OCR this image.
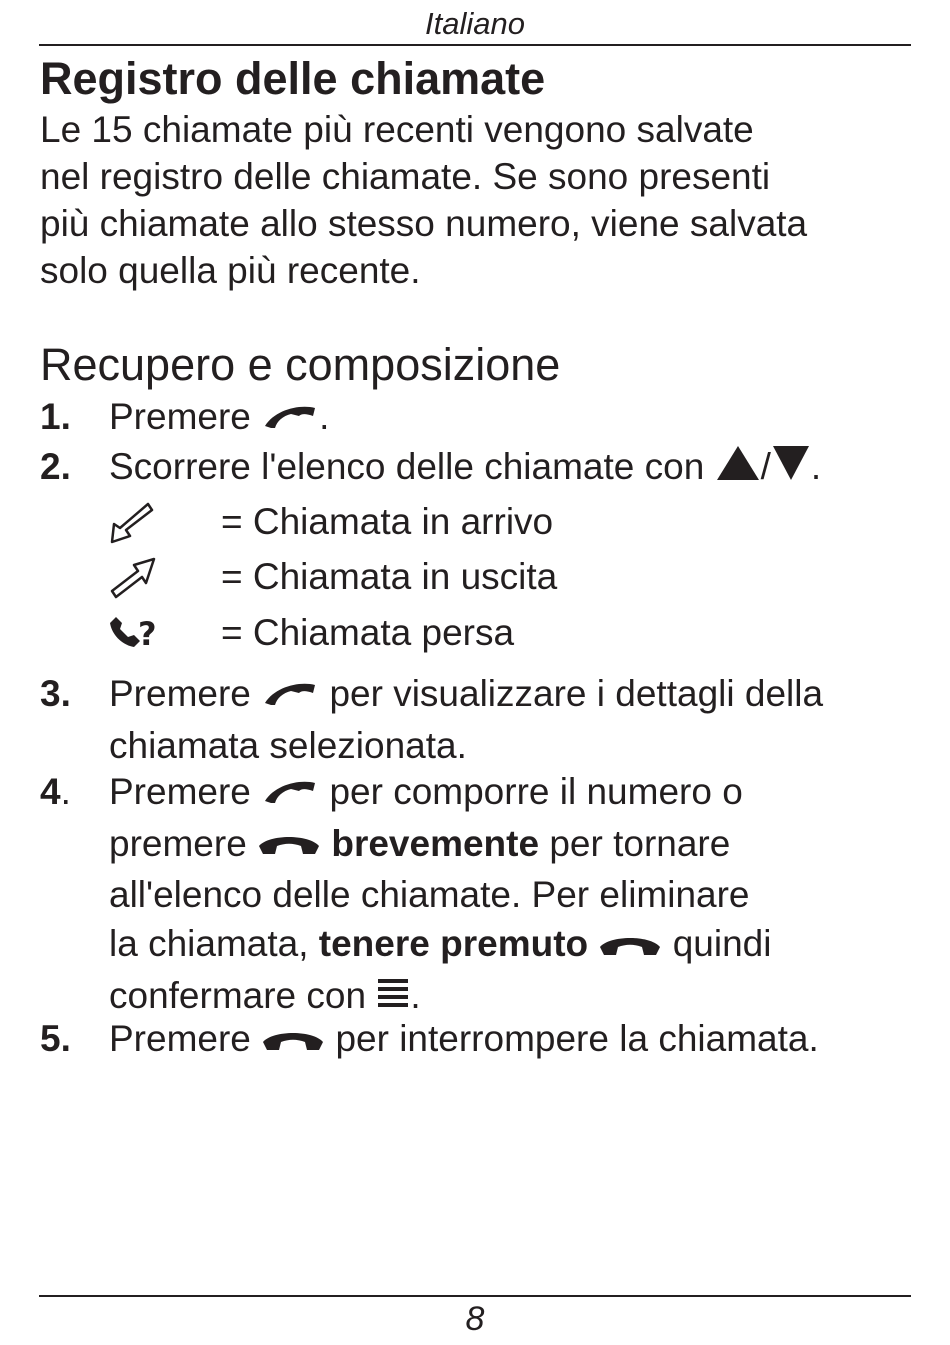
Italiano
Registro delle chiamate
Le 15 chiamate più recenti vengono salvate
nel registro delle chiamate. Se sono presenti
più chiamate allo stesso numero, viene salvata
solo quella più recente.
Recupero e composizione
1. Premere .
2. Scorrere l'elenco delle chiamate con / .
= Chiamata in arrivo
= Chiamata in uscita
? = Chiamata persa
3. Premere per visualizzare i dettagli della
chiamata selezionata.
4. Premere per comporre il numero o
premere brevemente per tornare
all'elenco delle chiamate. Per eliminare
la chiamata, tenere premuto quindi
confermare con .
5. Premere per interrompere la chiamata.
8
